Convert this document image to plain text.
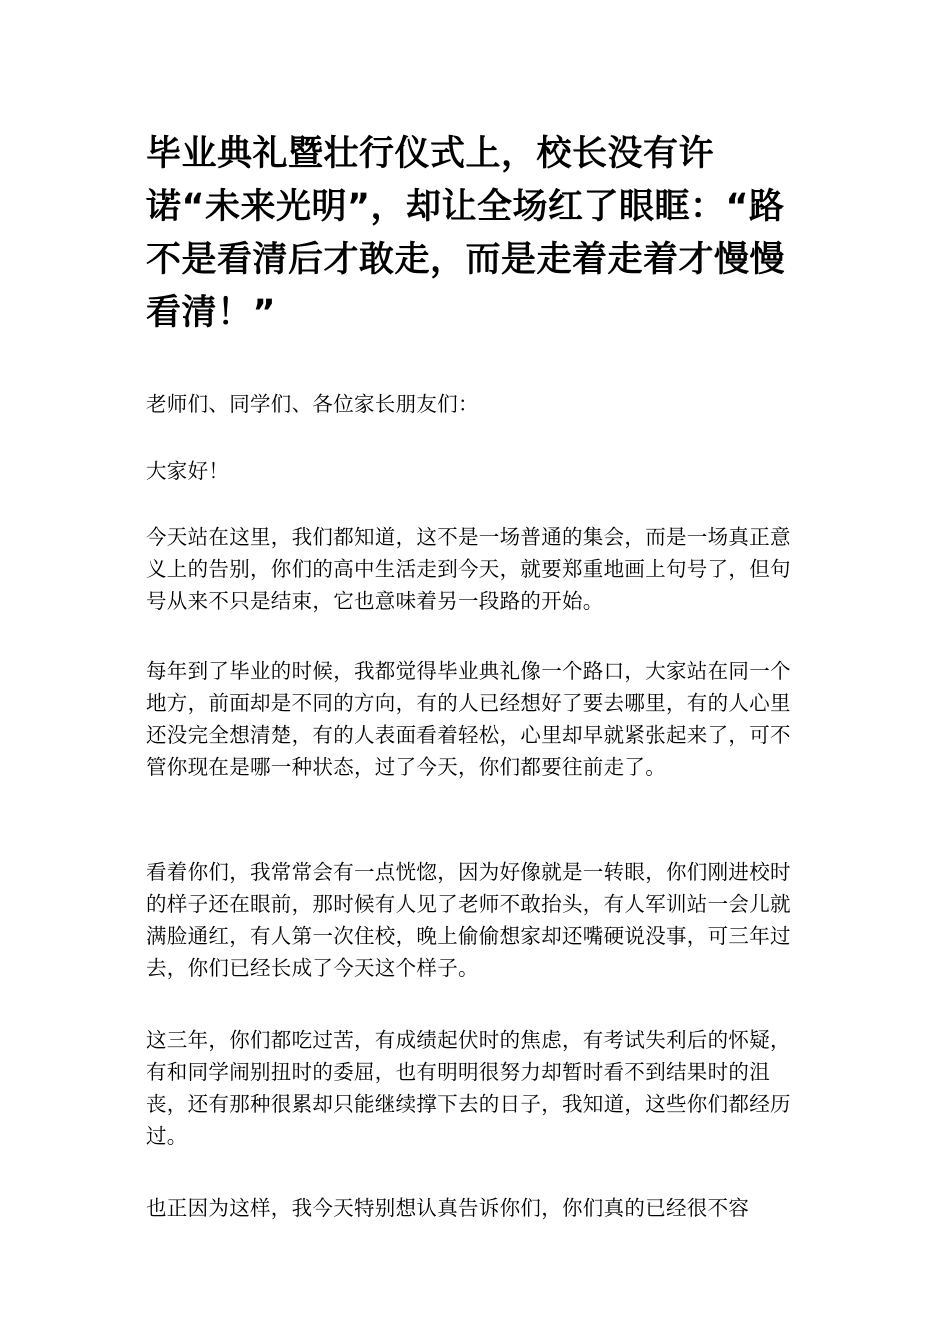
毕业典礼暨壮行仪式上，校长没有许诺“未来光明”，却让全场红了眼眶：“路不是看清后才敢走，而是走着走着才慢慢看清！”

老师们、同学们、各位家长朋友们：

大家好！

今天站在这里，我们都知道，这不是一场普通的集会，而是一场真正意义上的告别，你们的高中生活走到今天，就要郑重地画上句号了，但句号从来不只是结束，它也意味着另一段路的开始。

每年到了毕业的时候，我都觉得毕业典礼像一个路口，大家站在同一个地方，前面却是不同的方向，有的人已经想好了要去哪里，有的人心里还没完全想清楚，有的人表面看着轻松，心里却早就紧张起来了，可不管你现在是哪一种状态，过了今天，你们都要往前走了。

看着你们，我常常会有一点恍惚，因为好像就是一转眼，你们刚进校时的样子还在眼前，那时候有人见了老师不敢抬头，有人军训站一会儿就满脸通红，有人第一次住校，晚上偷偷想家却还嘴硬说没事，可三年过去，你们已经长成了今天这个样子。

这三年，你们都吃过苦，有成绩起伏时的焦虑，有考试失利后的怀疑，有和同学闹别扭时的委屈，也有明明很努力却暂时看不到结果时的沮丧，还有那种很累却只能继续撑下去的日子，我知道，这些你们都经历过。

也正因为这样，我今天特别想认真告诉你们，你们真的已经很不容
